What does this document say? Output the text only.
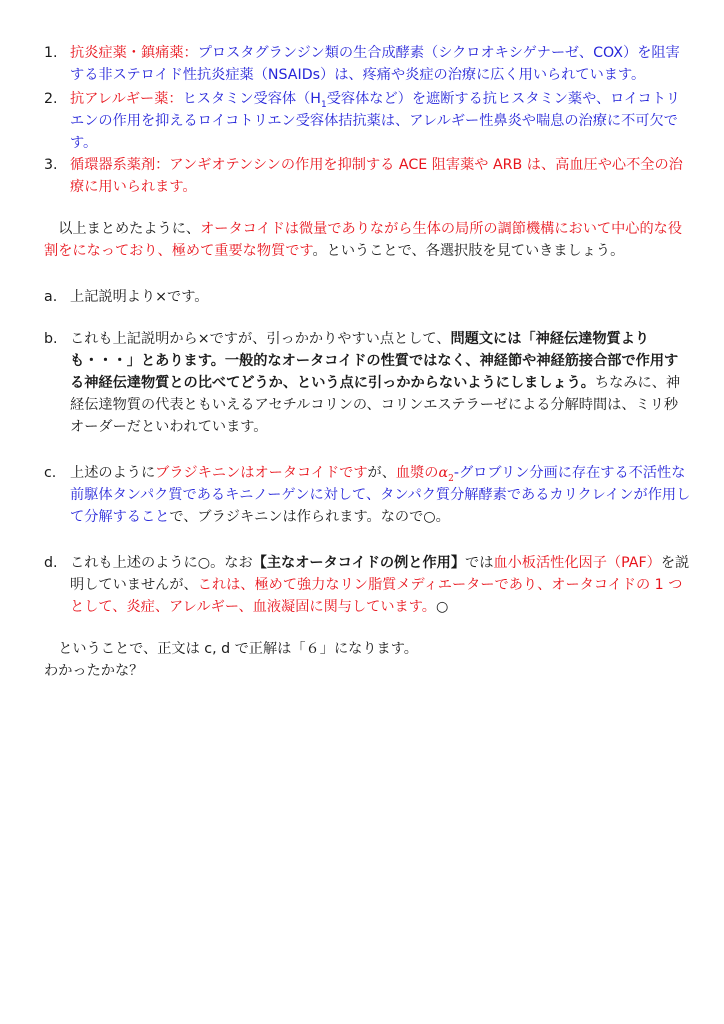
1. 抗炎症薬・鎮痛薬：プロスタグランジン類の生合成酵素（シクロオキシゲナーゼ、COX）を阻害する非ステロイド性抗炎症薬（NSAIDs）は、疼痛や炎症の治療に広く用いられています。
2. 抗アレルギー薬：ヒスタミン受容体（$H_1$受容体など）を遮断する抗ヒスタミン薬や、ロイコトリエンの作用を抑えるロイコトリエン受容体拮抗薬は、アレルギー性鼻炎や喘息の治療に不可欠です。
3. 循環器系薬剤：アンギオテンシンの作用を抑制する ACE 阻害薬や ARB は、高血圧や心不全の治療に用いられます。
以上まとめたように、オータコイドは微量でありながら生体の局所の調節機構において中心的な役割をになっており、極めて重要な物質です。ということで、各選択肢を見ていきましょう。
a. 上記説明より×です。
b. これも上記説明から×ですが、引っかかりやすい点として、問題文には「神経伝達物質よりも・・・」とあります。一般的なオータコイドの性質ではなく、神経節や神経筋接合部で作用する神経伝達物質との比べてどうか、という点に引っかからないようにしましょう。ちなみに、神経伝達物質の代表ともいえるアセチルコリンの、コリンエステラーゼによる分解時間は、ミリ秒オーダーだといわれています。
c. 上述のようにブラジキニンはオータコイドですが、血漿の$\alpha_2-$グロブリン分画に存在する不活性な前駆体タンパク質であるキニノーゲンに対して、タンパク質分解酵素であるカリクレインが作用して分解することで、ブラジキニンは作られます。なので○。
d. これも上述のように○。なお【主なオータコイドの例と作用】では血小板活性化因子（PAF）を説明していませんが、これは、極めて強力なリン脂質メディエーターであり、オータコイドの 1 つとして、炎症、アレルギー、血液凝固に関与しています。○
ということで、正文は c, d で正解は「６」になります。
わかったかな？
